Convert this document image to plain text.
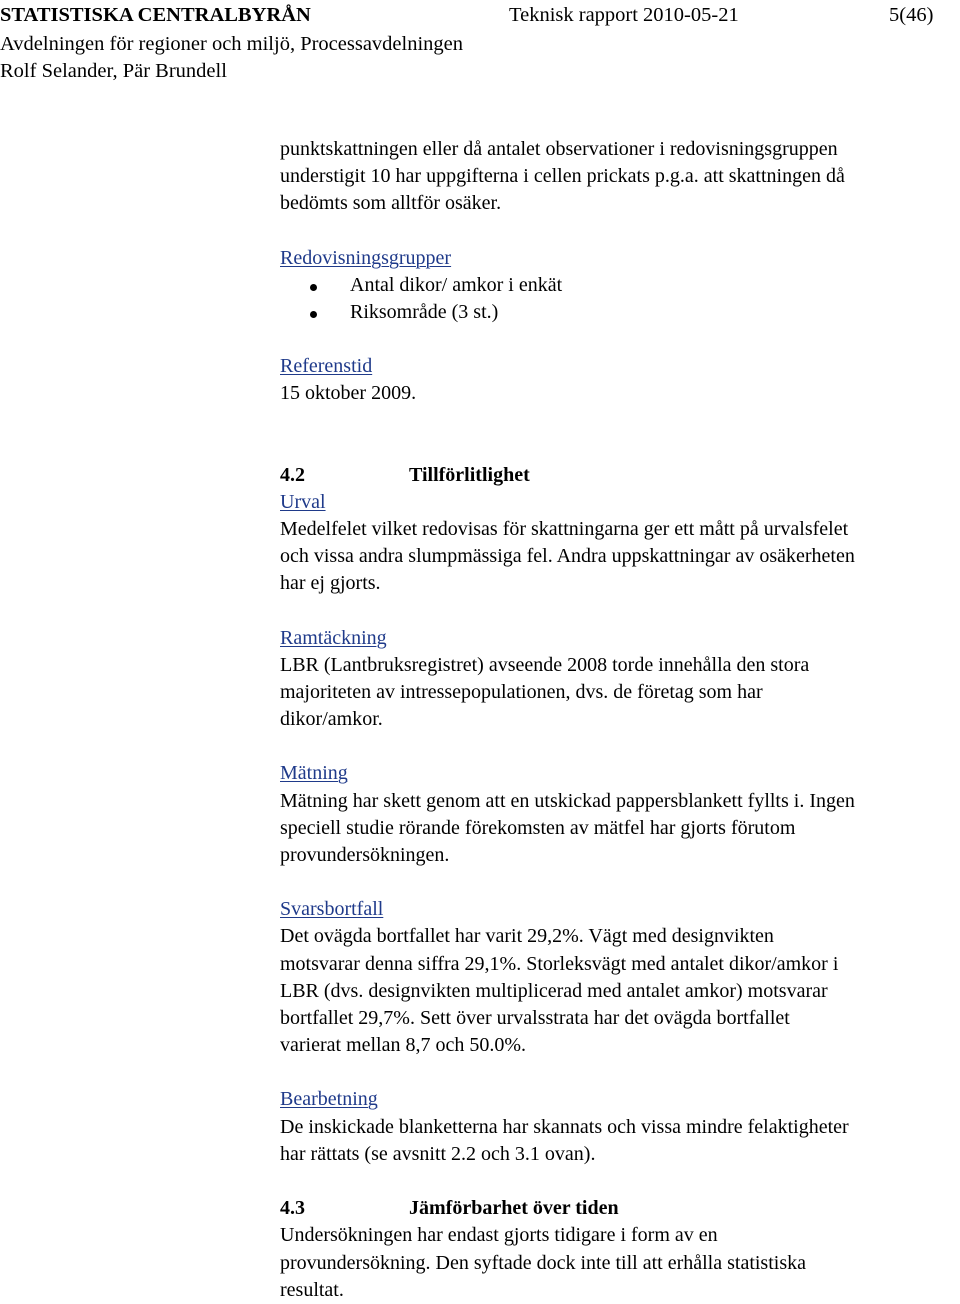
STATISTISKA CENTRALBYRÅN	Teknisk rapport 2010-05-21	5(46)
Avdelningen för regioner och miljö, Processavdelningen
Rolf Selander, Pär Brundell
punktskattningen eller då antalet observationer i redovisningsgruppen
understigit 10 har uppgifterna i cellen prickats p.g.a. att skattningen då
bedömts som alltför osäker.
Redovisningsgrupper
Antal dikor/ amkor i enkät
Riksområde (3 st.)
Referenstid
15 oktober 2009.
4.2	Tillförlitlighet
Urval
Medelfelet vilket redovisas för skattningarna ger ett mått på urvalsfelet
och vissa andra slumpmässiga fel. Andra uppskattningar av osäkerheten
har ej gjorts.
Ramtäckning
LBR (Lantbruksregistret) avseende 2008 torde innehålla den stora
majoriteten av intressepopulationen, dvs. de företag som har
dikor/amkor.
Mätning
Mätning har skett genom att en utskickad pappersblankett fyllts i. Ingen
speciell studie rörande förekomsten av mätfel har gjorts förutom
provundersökningen.
Svarsbortfall
Det ovägda bortfallet har varit 29,2%. Vägt med designvikten
motsvarar denna siffra 29,1%. Storleksvägt med antalet dikor/amkor i
LBR (dvs. designvikten multiplicerad med antalet amkor) motsvarar
bortfallet 29,7%. Sett över urvalsstrata har det ovägda bortfallet
varierat mellan 8,7 och 50.0%.
Bearbetning
De inskickade blanketterna har skannats och vissa mindre felaktigheter
har rättats (se avsnitt 2.2 och 3.1 ovan).
4.3	Jämförbarhet över tiden
Undersökningen har endast gjorts tidigare i form av en
provundersökning. Den syftade dock inte till att erhålla statistiska
resultat.
